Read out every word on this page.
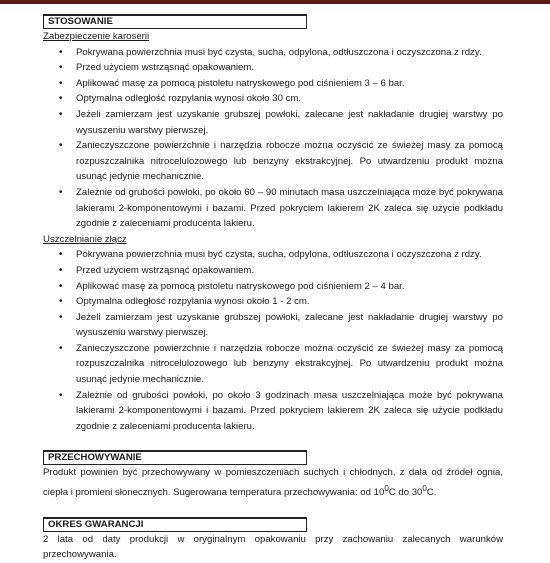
STOSOWANIE
Zabezpieczenie karoserii
• Pokrywana powierzchnia musi być czysta, sucha, odpylona, odtłuszczona i oczyszczona z rdzy.
• Przed użyciem wstrząsnąć opakowaniem.
• Aplikować masę za pomocą pistoletu natryskowego pod ciśnieniem 3 – 6 bar.
• Optymalna odległość rozpylania wynosi około 30 cm.
• Jeżeli zamierzam jest uzyskanie grubszej powłoki, zalecane jest nakładanie drugiej warstwy po wysuszeniu warstwy pierwszej.
• Zanieczyszczone powierzchnie i narzędzia robocze można oczyścić ze świeżej masy za pomocą rozpuszczalnika nitrocelulozowego lub benzyny ekstrakcyjnej. Po utwardzeniu produkt można usunąć jedynie mechanicznie.
• Zależnie od grubości powłoki, po około 60 – 90 minutach masa uszczelniająca może być pokrywana lakierami 2-komponentowymi i bazami. Przed pokryciem lakierem 2K zaleca się użycie podkładu zgodnie z zaleceniami producenta lakieru.
Uszczelnianie złącz
• Pokrywana powierzchnia musi być czysta, sucha, odpylona, odtłuszczona i oczyszczona z rdzy.
• Przed użyciem wstrząsnąć opakowaniem.
• Aplikować masę za pomocą pistoletu natryskowego pod ciśnieniem 2 – 4 bar.
• Optymalna odległość rozpylania wynosi około 1 - 2 cm.
• Jeżeli zamierzam jest uzyskanie grubszej powłoki, zalecane jest nakładanie drugiej warstwy po wysuszeniu warstwy pierwszej.
• Zanieczyszczone powierzchnie i narzędzia robocze można oczyścić ze świeżej masy za pomocą rozpuszczalnika nitrocelulozowego lub benzyny ekstrakcyjnej. Po utwardzeniu produkt można usunąć jedynie mechanicznie.
• Zależnie od grubości powłoki, po około 3 godzinach masa uszczelniająca może być pokrywana lakierami 2-komponentowymi i bazami. Przed pokryciem lakierem 2K zaleca się użycie podkładu zgodnie z zaleceniami producenta lakieru.
PRZECHOWYWANIE

Produkt powinien być przechowywany w pomieszczeniach suchych i chłodnych, z dala od źródeł ognia, ciepła i promieni słonecznych. Sugerowana temperatura przechowywania: od $10^0C$ do $30^0C$.

OKRES GWARANCJI

2 lata od daty produkcji w oryginalnym opakowaniu przy zachowaniu zalecanych warunków przechowywania.
